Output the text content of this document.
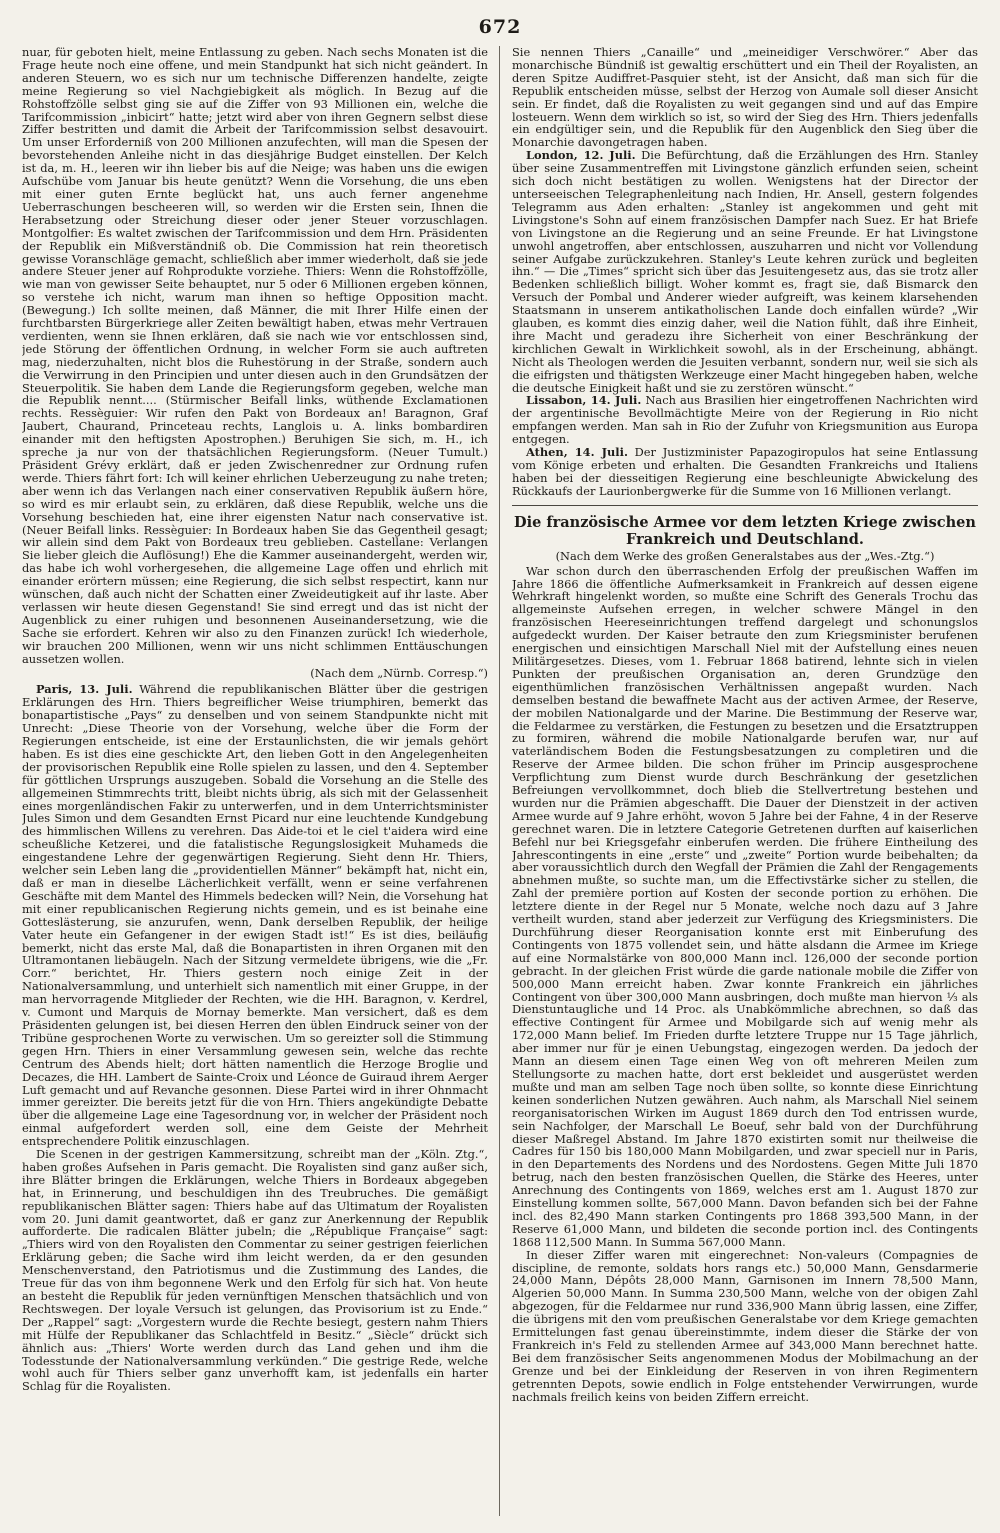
672

nuar, für geboten hielt, meine Entlassung zu geben. Nach sechs Monaten ist die Frage heute noch eine offene, und mein Standpunkt hat sich nicht geändert. In anderen Steuern, wo es sich nur um technische Differenzen handelte, zeigte meine Regierung so viel Nachgiebigkeit als möglich. In Bezug auf die Rohstoffzölle selbst ging sie auf die Ziffer von 93 Millionen ein, welche die Tarifcommission „inbicirt“ hatte; jetzt wird aber von ihren Gegnern selbst diese Ziffer bestritten und damit die Arbeit der Tarifcommission selbst desavouirt. Um unser Erforderniß von 200 Millionen anzufechten, will man die Spesen der bevorstehenden Anleihe nicht in das diesjährige Budget einstellen. Der Kelch ist da, m. H., leeren wir ihn lieber bis auf die Neige; was haben uns die ewigen Aufschübe vom Januar bis heute genützt? Wenn die Vorsehung, die uns eben mit einer guten Ernte beglückt hat, uns auch ferner angenehme Ueberraschungen bescheeren will, so werden wir die Ersten sein, Ihnen die Herabsetzung oder Streichung dieser oder jener Steuer vorzuschlagen. Montgolfier: Es waltet zwischen der Tarifcommission und dem Hrn. Präsidenten der Republik ein Mißverständniß ob. Die Commission hat rein theoretisch gewisse Voranschläge gemacht, schließlich aber immer wiederholt, daß sie jede andere Steuer jener auf Rohprodukte vorziehe. Thiers: Wenn die Rohstoffzölle, wie man von gewisser Seite behauptet, nur 5 oder 6 Millionen ergeben können, so verstehe ich nicht, warum man ihnen so heftige Opposition macht. (Bewegung.) Ich sollte meinen, daß Männer, die mit Ihrer Hilfe einen der furchtbarsten Bürgerkriege aller Zeiten bewältigt haben, etwas mehr Vertrauen verdienten, wenn sie Ihnen erklären, daß sie nach wie vor entschlossen sind, jede Störung der öffentlichen Ordnung, in welcher Form sie auch auftreten mag, niederzuhalten, nicht blos die Ruhestörung in der Straße, sondern auch die Verwirrung in den Principien und unter diesen auch in den Grundsätzen der Steuerpolitik. Sie haben dem Lande die Regierungsform gegeben, welche man die Republik nennt.... (Stürmischer Beifall links, wüthende Exclamationen rechts. Ressèguier: Wir rufen den Pakt von Bordeaux an! Baragnon, Graf Jaubert, Chaurand, Princeteau rechts, Langlois u. A. links bombardiren einander mit den heftigsten Apostrophen.) Beruhigen Sie sich, m. H., ich spreche ja nur von der thatsächlichen Regierungsform. (Neuer Tumult.) Präsident Grévy erklärt, daß er jeden Zwischenredner zur Ordnung rufen werde. Thiers fährt fort: Ich will keiner ehrlichen Ueberzeugung zu nahe treten; aber wenn ich das Verlangen nach einer conservativen Republik äußern höre, so wird es mir erlaubt sein, zu erklären, daß diese Republik, welche uns die Vorsehung beschieden hat, eine ihrer eigensten Natur nach conservative ist. (Neuer Beifall links. Ressèguier: In Bordeaux haben Sie das Gegentheil gesagt; wir allein sind dem Pakt von Bordeaux treu geblieben. Castellane: Verlangen Sie lieber gleich die Auflösung!) Ehe die Kammer auseinandergeht, werden wir, das habe ich wohl vorhergesehen, die allgemeine Lage offen und ehrlich mit einander erörtern müssen; eine Regierung, die sich selbst respectirt, kann nur wünschen, daß auch nicht der Schatten einer Zweideutigkeit auf ihr laste. Aber verlassen wir heute diesen Gegenstand! Sie sind erregt und das ist nicht der Augenblick zu einer ruhigen und besonnenen Auseinandersetzung, wie die Sache sie erfordert. Kehren wir also zu den Finanzen zurück! Ich wiederhole, wir brauchen 200 Millionen, wenn wir uns nicht schlimmen Enttäuschungen aussetzen wollen.

(Nach dem „Nürnb. Corresp.“)

Paris, 13. Juli. Während die republikanischen Blätter über die gestrigen Erklärungen des Hrn. Thiers begreiflicher Weise triumphiren, bemerkt das bonapartistische „Pays“ zu denselben und von seinem Standpunkte nicht mit Unrecht: „Diese Theorie von der Vorsehung, welche über die Form der Regierungen entscheide, ist eine der Erstaunlichsten, die wir jemals gehört haben. Es ist dies eine geschickte Art, den lieben Gott in den Angelegenheiten der provisorischen Republik eine Rolle spielen zu lassen, und den 4. September für göttlichen Ursprungs auszugeben. Sobald die Vorsehung an die Stelle des allgemeinen Stimmrechts tritt, bleibt nichts übrig, als sich mit der Gelassenheit eines morgenländischen Fakir zu unterwerfen, und in dem Unterrichtsminister Jules Simon und dem Gesandten Ernst Picard nur eine leuchtende Kundgebung des himmlischen Willens zu verehren. Das Aide-toi et le ciel t'aidera wird eine scheußliche Ketzerei, und die fatalistische Regungslosigkeit Muhameds die eingestandene Lehre der gegenwärtigen Regierung. Sieht denn Hr. Thiers, welcher sein Leben lang die „providentiellen Männer“ bekämpft hat, nicht ein, daß er man in dieselbe Lächerlichkeit verfällt, wenn er seine verfahrenen Geschäfte mit dem Mantel des Himmels bedecken will? Nein, die Vorsehung hat mit einer republicanischen Regierung nichts gemein, und es ist beinahe eine Gotteslästerung, sie anzurufen, wenn, Dank derselben Republik, der heilige Vater heute ein Gefangener in der ewigen Stadt ist!“ Es ist dies, beiläufig bemerkt, nicht das erste Mal, daß die Bonapartisten in ihren Organen mit den Ultramontanen liebäugeln. Nach der Sitzung vermeldete übrigens, wie die „Fr. Corr.“ berichtet, Hr. Thiers gestern noch einige Zeit in der Nationalversammlung, und unterhielt sich namentlich mit einer Gruppe, in der man hervorragende Mitglieder der Rechten, wie die HH. Baragnon, v. Kerdrel, v. Cumont und Marquis de Mornay bemerkte. Man versichert, daß es dem Präsidenten gelungen ist, bei diesen Herren den üblen Eindruck seiner von der Tribüne gesprochenen Worte zu verwischen. Um so gereizter soll die Stimmung gegen Hrn. Thiers in einer Versammlung gewesen sein, welche das rechte Centrum des Abends hielt; dort hätten namentlich die Herzoge Broglie und Decazes, die HH. Lambert de Sainte-Croix und Léonce de Guiraud ihrem Aerger Luft gemacht und auf Revanche gesonnen. Diese Partei wird in ihrer Ohnmacht immer gereizter. Die bereits jetzt für die von Hrn. Thiers angekündigte Debatte über die allgemeine Lage eine Tagesordnung vor, in welcher der Präsident noch einmal aufgefordert werden soll, eine dem Geiste der Mehrheit entsprechendere Politik einzuschlagen.

Die Scenen in der gestrigen Kammersitzung, schreibt man der „Köln. Ztg.“, haben großes Aufsehen in Paris gemacht. Die Royalisten sind ganz außer sich, ihre Blätter bringen die Erklärungen, welche Thiers in Bordeaux abgegeben hat, in Erinnerung, und beschuldigen ihn des Treubruches. Die gemäßigt republikanischen Blätter sagen: Thiers habe auf das Ultimatum der Royalisten vom 20. Juni damit geantwortet, daß er ganz zur Anerkennung der Republik aufforderte. Die radicalen Blätter jubeln; die „République Française“ sagt: „Thiers wird von den Royalisten den Commentar zu seiner gestrigen feierlichen Erklärung geben; die Sache wird ihm leicht werden, da er den gesunden Menschenverstand, den Patriotismus und die Zustimmung des Landes, die Treue für das von ihm begonnene Werk und den Erfolg für sich hat. Von heute an besteht die Republik für jeden vernünftigen Menschen thatsächlich und von Rechtswegen. Der loyale Versuch ist gelungen, das Provisorium ist zu Ende.“ Der „Rappel“ sagt: „Vorgestern wurde die Rechte besiegt, gestern nahm Thiers mit Hülfe der Republikaner das Schlachtfeld in Besitz.“ „Siècle“ drückt sich ähnlich aus: „Thiers' Worte werden durch das Land gehen und ihm die Todesstunde der Nationalversammlung verkünden.“ Die gestrige Rede, welche wohl auch für Thiers selber ganz unverhofft kam, ist jedenfalls ein harter Schlag für die Royalisten.

Sie nennen Thiers „Canaille“ und „meineidiger Verschwörer.“ Aber das monarchische Bündniß ist gewaltig erschüttert und ein Theil der Royalisten, an deren Spitze Audiffret-Pasquier steht, ist der Ansicht, daß man sich für die Republik entscheiden müsse, selbst der Herzog von Aumale soll dieser Ansicht sein. Er findet, daß die Royalisten zu weit gegangen sind und auf das Empire losteuern. Wenn dem wirklich so ist, so wird der Sieg des Hrn. Thiers jedenfalls ein endgültiger sein, und die Republik für den Augenblick den Sieg über die Monarchie davongetragen haben.

London, 12. Juli. Die Befürchtung, daß die Erzählungen des Hrn. Stanley über seine Zusammentreffen mit Livingstone gänzlich erfunden seien, scheint sich doch nicht bestätigen zu wollen. Wenigstens hat der Director der unterseeischen Telegraphenleitung nach Indien, Hr. Ansell, gestern folgendes Telegramm aus Aden erhalten: „Stanley ist angekommen und geht mit Livingstone's Sohn auf einem französischen Dampfer nach Suez. Er hat Briefe von Livingstone an die Regierung und an seine Freunde. Er hat Livingstone unwohl angetroffen, aber entschlossen, auszuharren und nicht vor Vollendung seiner Aufgabe zurückzukehren. Stanley's Leute kehren zurück und begleiten ihn.“ — Die „Times“ spricht sich über das Jesuitengesetz aus, das sie trotz aller Bedenken schließlich billigt. Woher kommt es, fragt sie, daß Bismarck den Versuch der Pombal und Anderer wieder aufgreift, was keinem klarsehenden Staatsmann in unserem antikatholischen Lande doch einfallen würde? „Wir glauben, es kommt dies einzig daher, weil die Nation fühlt, daß ihre Einheit, ihre Macht und geradezu ihre Sicherheit von einer Beschränkung der kirchlichen Gewalt in Wirklichkeit sowohl, als in der Erscheinung, abhängt. Nicht als Theologen werden die Jesuiten verbannt, sondern nur, weil sie sich als die eifrigsten und thätigsten Werkzeuge einer Macht hingegeben haben, welche die deutsche Einigkeit haßt und sie zu zerstören wünscht.“

Lissabon, 14. Juli. Nach aus Brasilien hier eingetroffenen Nachrichten wird der argentinische Bevollmächtigte Meire von der Regierung in Rio nicht empfangen werden. Man sah in Rio der Zufuhr von Kriegsmunition aus Europa entgegen.

Athen, 14. Juli. Der Justizminister Papazogiropulos hat seine Entlassung vom Könige erbeten und erhalten. Die Gesandten Frankreichs und Italiens haben bei der diesseitigen Regierung eine beschleunigte Abwickelung des Rückkaufs der Laurionbergwerke für die Summe von 16 Millionen verlangt.

Die französische Armee vor dem letzten Kriege zwischen Frankreich und Deutschland.
(Nach dem Werke des großen Generalstabes aus der „Wes.-Ztg.“)

War schon durch den überraschenden Erfolg der preußischen Waffen im Jahre 1866 die öffentliche Aufmerksamkeit in Frankreich auf dessen eigene Wehrkraft hingelenkt worden, so mußte eine Schrift des Generals Trochu das allgemeinste Aufsehen erregen, in welcher schwere Mängel in den französischen Heereseinrichtungen treffend dargelegt und schonungslos aufgedeckt wurden. Der Kaiser betraute den zum Kriegsminister berufenen energischen und einsichtigen Marschall Niel mit der Aufstellung eines neuen Militärgesetzes. Dieses, vom 1. Februar 1868 batirend, lehnte sich in vielen Punkten der preußischen Organisation an, deren Grundzüge den eigenthümlichen französischen Verhältnissen angepaßt wurden. Nach demselben bestand die bewaffnete Macht aus der activen Armee, der Reserve, der mobilen Nationalgarde und der Marine. Die Bestimmung der Reserve war, die Feldarmee zu verstärken, die Festungen zu besetzen und die Ersatztruppen zu formiren, während die mobile Nationalgarde berufen war, nur auf vaterländischem Boden die Festungsbesatzungen zu completiren und die Reserve der Armee bilden. Die schon früher im Princip ausgesprochene Verpflichtung zum Dienst wurde durch Beschränkung der gesetzlichen Befreiungen vervollkommnet, doch blieb die Stellvertretung bestehen und wurden nur die Prämien abgeschafft. Die Dauer der Dienstzeit in der activen Armee wurde auf 9 Jahre erhöht, wovon 5 Jahre bei der Fahne, 4 in der Reserve gerechnet waren. Die in letztere Categorie Getretenen durften auf kaiserlichen Befehl nur bei Kriegsgefahr einberufen werden. Die frühere Eintheilung des Jahrescontingents in eine „erste“ und „zweite“ Portion wurde beibehalten; da aber voraussichtlich durch den Wegfall der Prämien die Zahl der Rengagements abnehmen mußte, so suchte man, um die Effectivstärke sicher zu stellen, die Zahl der première portion auf Kosten der seconde portion zu erhöhen. Die letztere diente in der Regel nur 5 Monate, welche noch dazu auf 3 Jahre vertheilt wurden, stand aber jederzeit zur Verfügung des Kriegsministers. Die Durchführung dieser Reorganisation konnte erst mit Einberufung des Contingents von 1875 vollendet sein, und hätte alsdann die Armee im Kriege auf eine Normalstärke von 800,000 Mann incl. 126,000 der seconde portion gebracht. In der gleichen Frist würde die garde nationale mobile die Ziffer von 500,000 Mann erreicht haben. Zwar konnte Frankreich ein jährliches Contingent von über 300,000 Mann ausbringen, doch mußte man hiervon ⅓ als Dienstuntaugliche und 14 Proc. als Unabkömmliche abrechnen, so daß das effective Contingent für Armee und Mobilgarde sich auf wenig mehr als 172,000 Mann belief. Im Frieden durfte letztere Truppe nur 15 Tage jährlich, aber immer nur für je einen Uebungstag, eingezogen werden. Da jedoch der Mann an diesem einen Tage einen Weg von oft mehreren Meilen zum Stellungsorte zu machen hatte, dort erst bekleidet und ausgerüstet werden mußte und man am selben Tage noch üben sollte, so konnte diese Einrichtung keinen sonderlichen Nutzen gewähren. Auch nahm, als Marschall Niel seinem reorganisatorischen Wirken im August 1869 durch den Tod entrissen wurde, sein Nachfolger, der Marschall Le Boeuf, sehr bald von der Durchführung dieser Maßregel Abstand. Im Jahre 1870 existirten somit nur theilweise die Cadres für 150 bis 180,000 Mann Mobilgarden, und zwar speciell nur in Paris, in den Departements des Nordens und des Nordostens. Gegen Mitte Juli 1870 betrug, nach den besten französischen Quellen, die Stärke des Heeres, unter Anrechnung des Contingents von 1869, welches erst am 1. August 1870 zur Einstellung kommen sollte, 567,000 Mann. Davon befanden sich bei der Fahne incl. des 82,490 Mann starken Contingents pro 1868 393,500 Mann, in der Reserve 61,000 Mann, und bildeten die seconde portion incl. des Contingents 1868 112,500 Mann. In Summa 567,000 Mann.

In dieser Ziffer waren mit eingerechnet: Non-valeurs (Compagnies de discipline, de remonte, soldats hors rangs etc.) 50,000 Mann, Gensdarmerie 24,000 Mann, Dépôts 28,000 Mann, Garnisonen im Innern 78,500 Mann, Algerien 50,000 Mann. In Summa 230,500 Mann, welche von der obigen Zahl abgezogen, für die Feldarmee nur rund 336,900 Mann übrig lassen, eine Ziffer, die übrigens mit den vom preußischen Generalstabe vor dem Kriege gemachten Ermittelungen fast genau übereinstimmte, indem dieser die Stärke der von Frankreich in's Feld zu stellenden Armee auf 343,000 Mann berechnet hatte. Bei dem französischer Seits angenommenen Modus der Mobilmachung an der Grenze und bei der Einkleidung der Reserven in von ihren Regimentern getrennten Depots, sowie endlich in Folge entstehender Verwirrungen, wurde nachmals freilich keins von beiden Ziffern erreicht.
